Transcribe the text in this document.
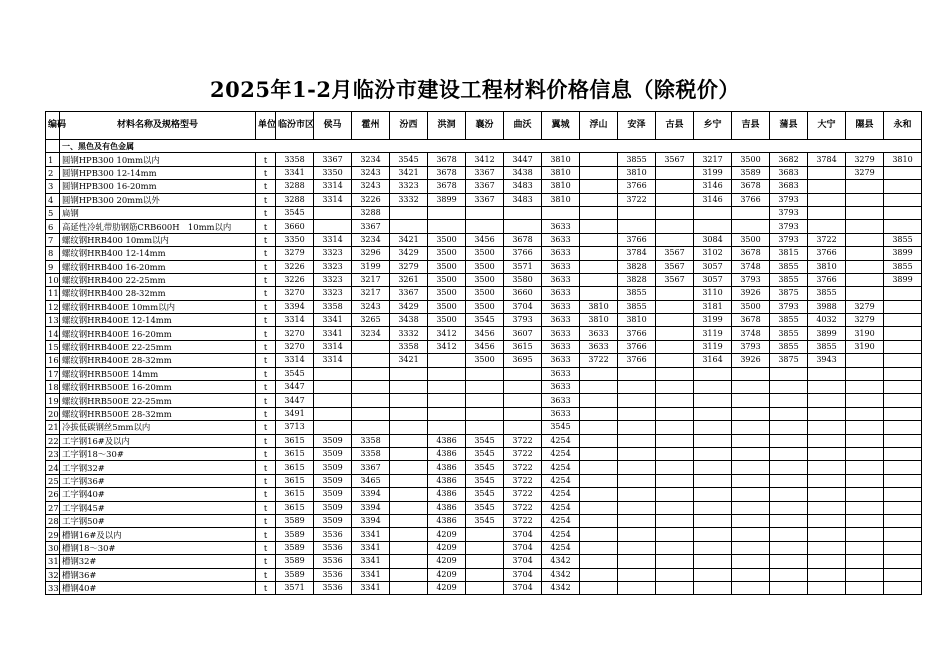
2025年1-2月临汾市建设工程材料价格信息（除税价）
编码	材料名称及规格型号	单位	临汾市区	侯马	霍州	汾西	洪洞	襄汾	曲沃	翼城	浮山	安泽	古县	乡宁	吉县	蒲县	大宁	隰县	永和
	一、黑色及有色金属																		
1	圆钢HPB300 10mm以内	t	3358	3367	3234	3545	3678	3412	3447	3810		3855	3567	3217	3500	3682	3784	3279	3810
2	圆钢HPB300 12-14mm	t	3341	3350	3243	3421	3678	3367	3438	3810		3810		3199	3589	3683		3279	
3	圆钢HPB300 16-20mm	t	3288	3314	3243	3323	3678	3367	3483	3810		3766		3146	3678	3683			
4	圆钢HPB300 20mm以外	t	3288	3314	3226	3332	3899	3367	3483	3810		3722		3146	3766	3793			
5	扁钢	t	3545		3288											3793			
6	高延性冷轧带肋钢筋CRB600H　10mm以内	t	3660		3367					3633						3793			
7	螺纹钢HRB400 10mm以内	t	3350	3314	3234	3421	3500	3456	3678	3633		3766		3084	3500	3793	3722		3855
8	螺纹钢HRB400 12-14mm	t	3279	3323	3296	3429	3500	3500	3766	3633		3784	3567	3102	3678	3815	3766		3899
9	螺纹钢HRB400 16-20mm	t	3226	3323	3199	3279	3500	3500	3571	3633		3828	3567	3057	3748	3855	3810		3855
10	螺纹钢HRB400 22-25mm	t	3226	3323	3217	3261	3500	3500	3580	3633		3828	3567	3057	3793	3855	3766		3899
11	螺纹钢HRB400 28-32mm	t	3270	3323	3217	3367	3500	3500	3660	3633		3855		3110	3926	3875	3855		
12	螺纹钢HRB400E 10mm以内	t	3394	3358	3243	3429	3500	3500	3704	3633	3810	3855		3181	3500	3793	3988	3279	
13	螺纹钢HRB400E 12-14mm	t	3314	3341	3265	3438	3500	3545	3793	3633	3810	3810		3199	3678	3855	4032	3279	
14	螺纹钢HRB400E 16-20mm	t	3270	3341	3234	3332	3412	3456	3607	3633	3633	3766		3119	3748	3855	3899	3190	
15	螺纹钢HRB400E 22-25mm	t	3270	3314		3358	3412	3456	3615	3633	3633	3766		3119	3793	3855	3855	3190	
16	螺纹钢HRB400E 28-32mm	t	3314	3314		3421		3500	3695	3633	3722	3766		3164	3926	3875	3943		
17	螺纹钢HRB500E 14mm	t	3545							3633									
18	螺纹钢HRB500E 16-20mm	t	3447							3633									
19	螺纹钢HRB500E 22-25mm	t	3447							3633									
20	螺纹钢HRB500E 28-32mm	t	3491							3633									
21	冷拔低碳钢丝5mm以内	t	3713							3545									
22	工字钢16#及以内	t	3615	3509	3358		4386	3545	3722	4254									
23	工字钢18～30#	t	3615	3509	3358		4386	3545	3722	4254									
24	工字钢32#	t	3615	3509	3367		4386	3545	3722	4254									
25	工字钢36#	t	3615	3509	3465		4386	3545	3722	4254									
26	工字钢40#	t	3615	3509	3394		4386	3545	3722	4254									
27	工字钢45#	t	3615	3509	3394		4386	3545	3722	4254									
28	工字钢50#	t	3589	3509	3394		4386	3545	3722	4254									
29	槽钢16#及以内	t	3589	3536	3341		4209		3704	4254									
30	槽钢18～30#	t	3589	3536	3341		4209		3704	4254									
31	槽钢32#	t	3589	3536	3341		4209		3704	4342									
32	槽钢36#	t	3589	3536	3341		4209		3704	4342									
33	槽钢40#	t	3571	3536	3341		4209		3704	4342									
